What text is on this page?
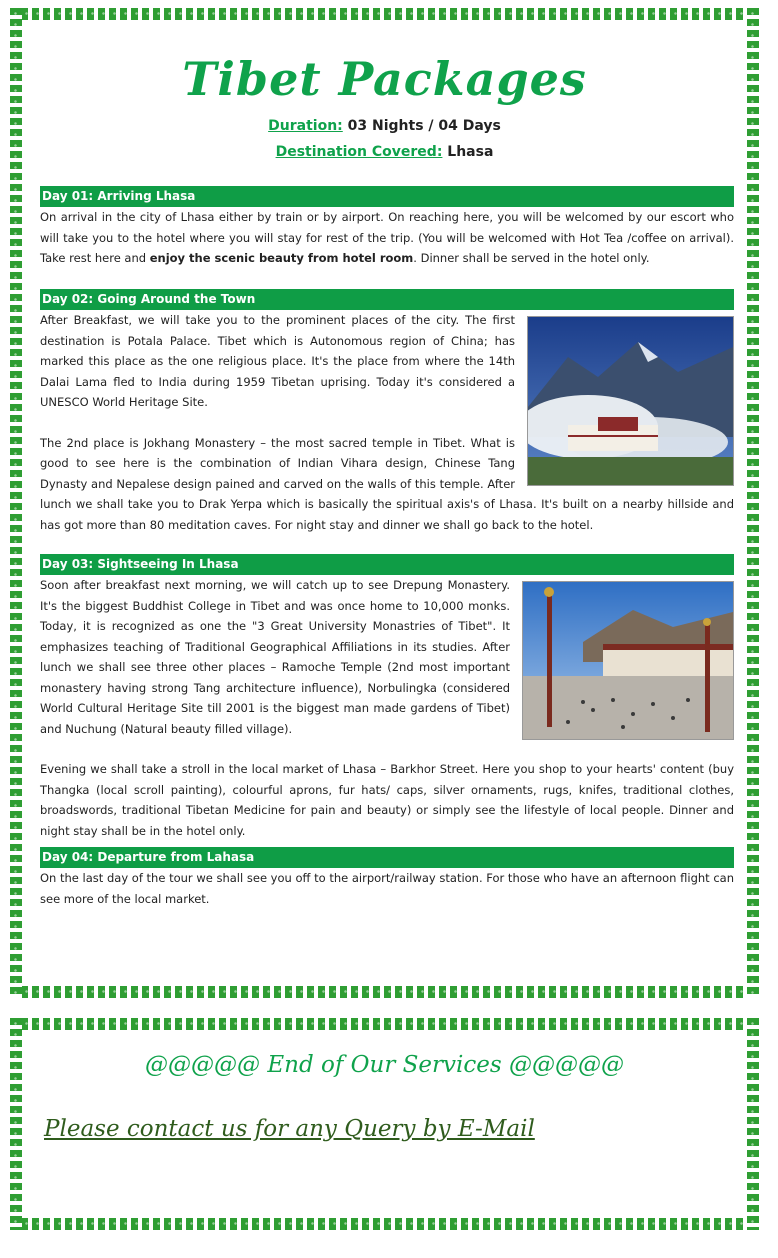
Tibet Packages
Duration: 03 Nights / 04 Days
Destination Covered: Lhasa
Day 01: Arriving Lhasa

On arrival in the city of Lhasa either by train or by airport. On reaching here, you will be welcomed by our escort who will take you to the hotel where you will stay for rest of the trip. (You will be welcomed with Hot Tea /coffee on arrival). Take rest here and enjoy the scenic beauty from hotel room. Dinner shall be served in the hotel only.

Day 02: Going Around the Town

After Breakfast, we will take you to the prominent places of the city. The first destination is Potala Palace. Tibet which is Autonomous region of China; has marked this place as the one religious place. It's the place from where the 14th Dalai Lama fled to India during 1959 Tibetan uprising. Today it's considered a UNESCO World Heritage Site.

The 2nd place is Jokhang Monastery – the most sacred temple in Tibet. What is good to see here is the combination of Indian Vihara design, Chinese Tang Dynasty and Nepalese design pained and carved on the walls of this temple. After lunch we shall take you to Drak Yerpa which is basically the spiritual axis's of Lhasa. It's built on a nearby hillside and has got more than 80 meditation caves. For night stay and dinner we shall go back to the hotel.

Day 03: Sightseeing In Lhasa

Soon after breakfast next morning, we will catch up to see Drepung Monastery. It's the biggest Buddhist College in Tibet and was once home to 10,000 monks. Today, it is recognized as one the "3 Great University Monastries of Tibet". It emphasizes teaching of Traditional Geographical Affiliations in its studies. After lunch we shall see three other places – Ramoche Temple (2nd most important monastery having strong Tang architecture influence), Norbulingka (considered World Cultural Heritage Site till 2001 is the biggest man made gardens of Tibet) and Nuchung (Natural beauty filled village).

Evening we shall take a stroll in the local market of Lhasa – Barkhor Street. Here you shop to your hearts' content (buy Thangka (local scroll painting), colourful aprons, fur hats/ caps, silver ornaments, rugs, knifes, traditional clothes, broadswords, traditional Tibetan Medicine for pain and beauty) or simply see the lifestyle of local people. Dinner and night stay shall be in the hotel only.

Day 04: Departure from Lahasa

On the last day of the tour we shall see you off to the airport/railway station. For those who have an afternoon flight can see more of the local market.

@@@@@ End of Our Services @@@@@

Please contact us for any Query by E-Mail
